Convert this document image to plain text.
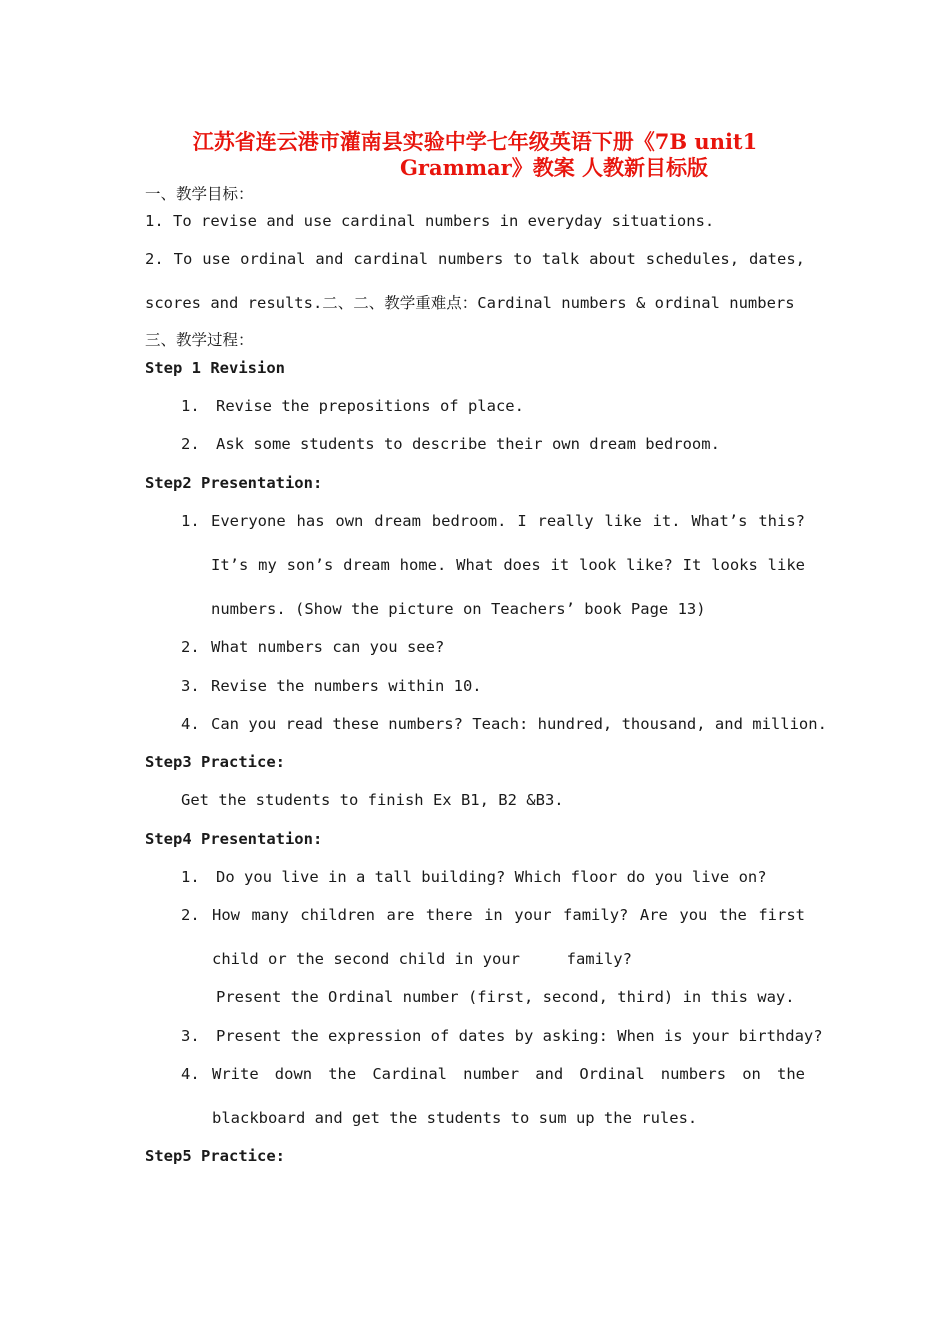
江苏省连云港市灌南县实验中学七年级英语下册《7B unit1
Grammar》教案 人教新目标版

一、教学目标：

1. To revise and use cardinal numbers in everyday situations.

2. To use ordinal and cardinal numbers to talk about schedules, dates,

scores and results.二、二、教学重难点：Cardinal numbers & ordinal numbers

三、教学过程：

Step 1 Revision

1. Revise the prepositions of place.

2. Ask some students to describe their own dream bedroom.

Step2 Presentation:

1. Everyone has own dream bedroom. I really like it. What’s this?

It’s my son’s dream home. What does it look like? It looks like

numbers. (Show the picture on Teachers’ book Page 13)

2. What numbers can you see?

3. Revise the numbers within 10.

4. Can you read these numbers? Teach: hundred, thousand, and million.

Step3 Practice:

Get the students to finish Ex B1, B2 &B3.

Step4 Presentation:

1. Do you live in a tall building? Which floor do you live on?

2. How many children are there in your family? Are you the first

child or the second child in your     family?

Present the Ordinal number (first, second, third) in this way.

3. Present the expression of dates by asking: When is your birthday?

4. Write down the Cardinal number and Ordinal numbers on the

blackboard and get the students to sum up the rules.

Step5 Practice:
